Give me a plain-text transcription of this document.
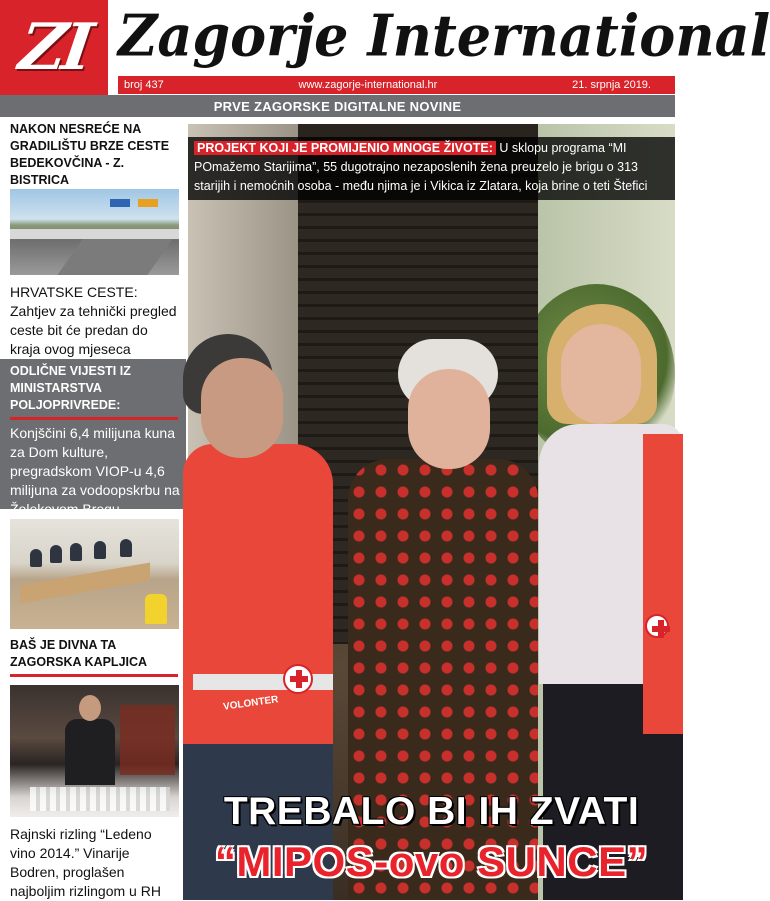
ZI Zagorje International
broj 437	www.zagorje-international.hr	21. srpnja 2019.
PRVE ZAGORSKE DIGITALNE NOVINE
NAKON NESREĆE NA GRADILIŠTU BRZE CESTE BEDEKOVČINA - Z. BISTRICA
HRVATSKE CESTE: Zahtjev za tehnički pregled ceste bit će predan do kraja ovog mjeseca
ODLIČNE VIJESTI IZ MINISTARSTVA POLJOPRIVREDE:
Konjščini 6,4 milijuna kuna za Dom kulture, pregradskom VIOP-u 4,6 milijuna za vodoopskrbu na Žolekovom Bregu
BAŠ JE DIVNA TA ZAGORSKA KAPLJICA
Rajnski rizling “Ledeno vino 2014.” Vinarije Bodren, proglašen najboljim rizlingom u RH
VOLONTER
PROJEKT KOJI JE PROMIJENIO MNOGE ŽIVOTE: U sklopu programa “MI POmažemo Starijima”, 55 dugotrajno nezaposlenih žena preuzelo je brigu o 313 starijih i nemoćnih osoba - među njima je i Vikica iz Zlatara, koja brine o teti Štefici
TREBALO BI IH ZVATI
“MIPOS-ovo SUNCE”
